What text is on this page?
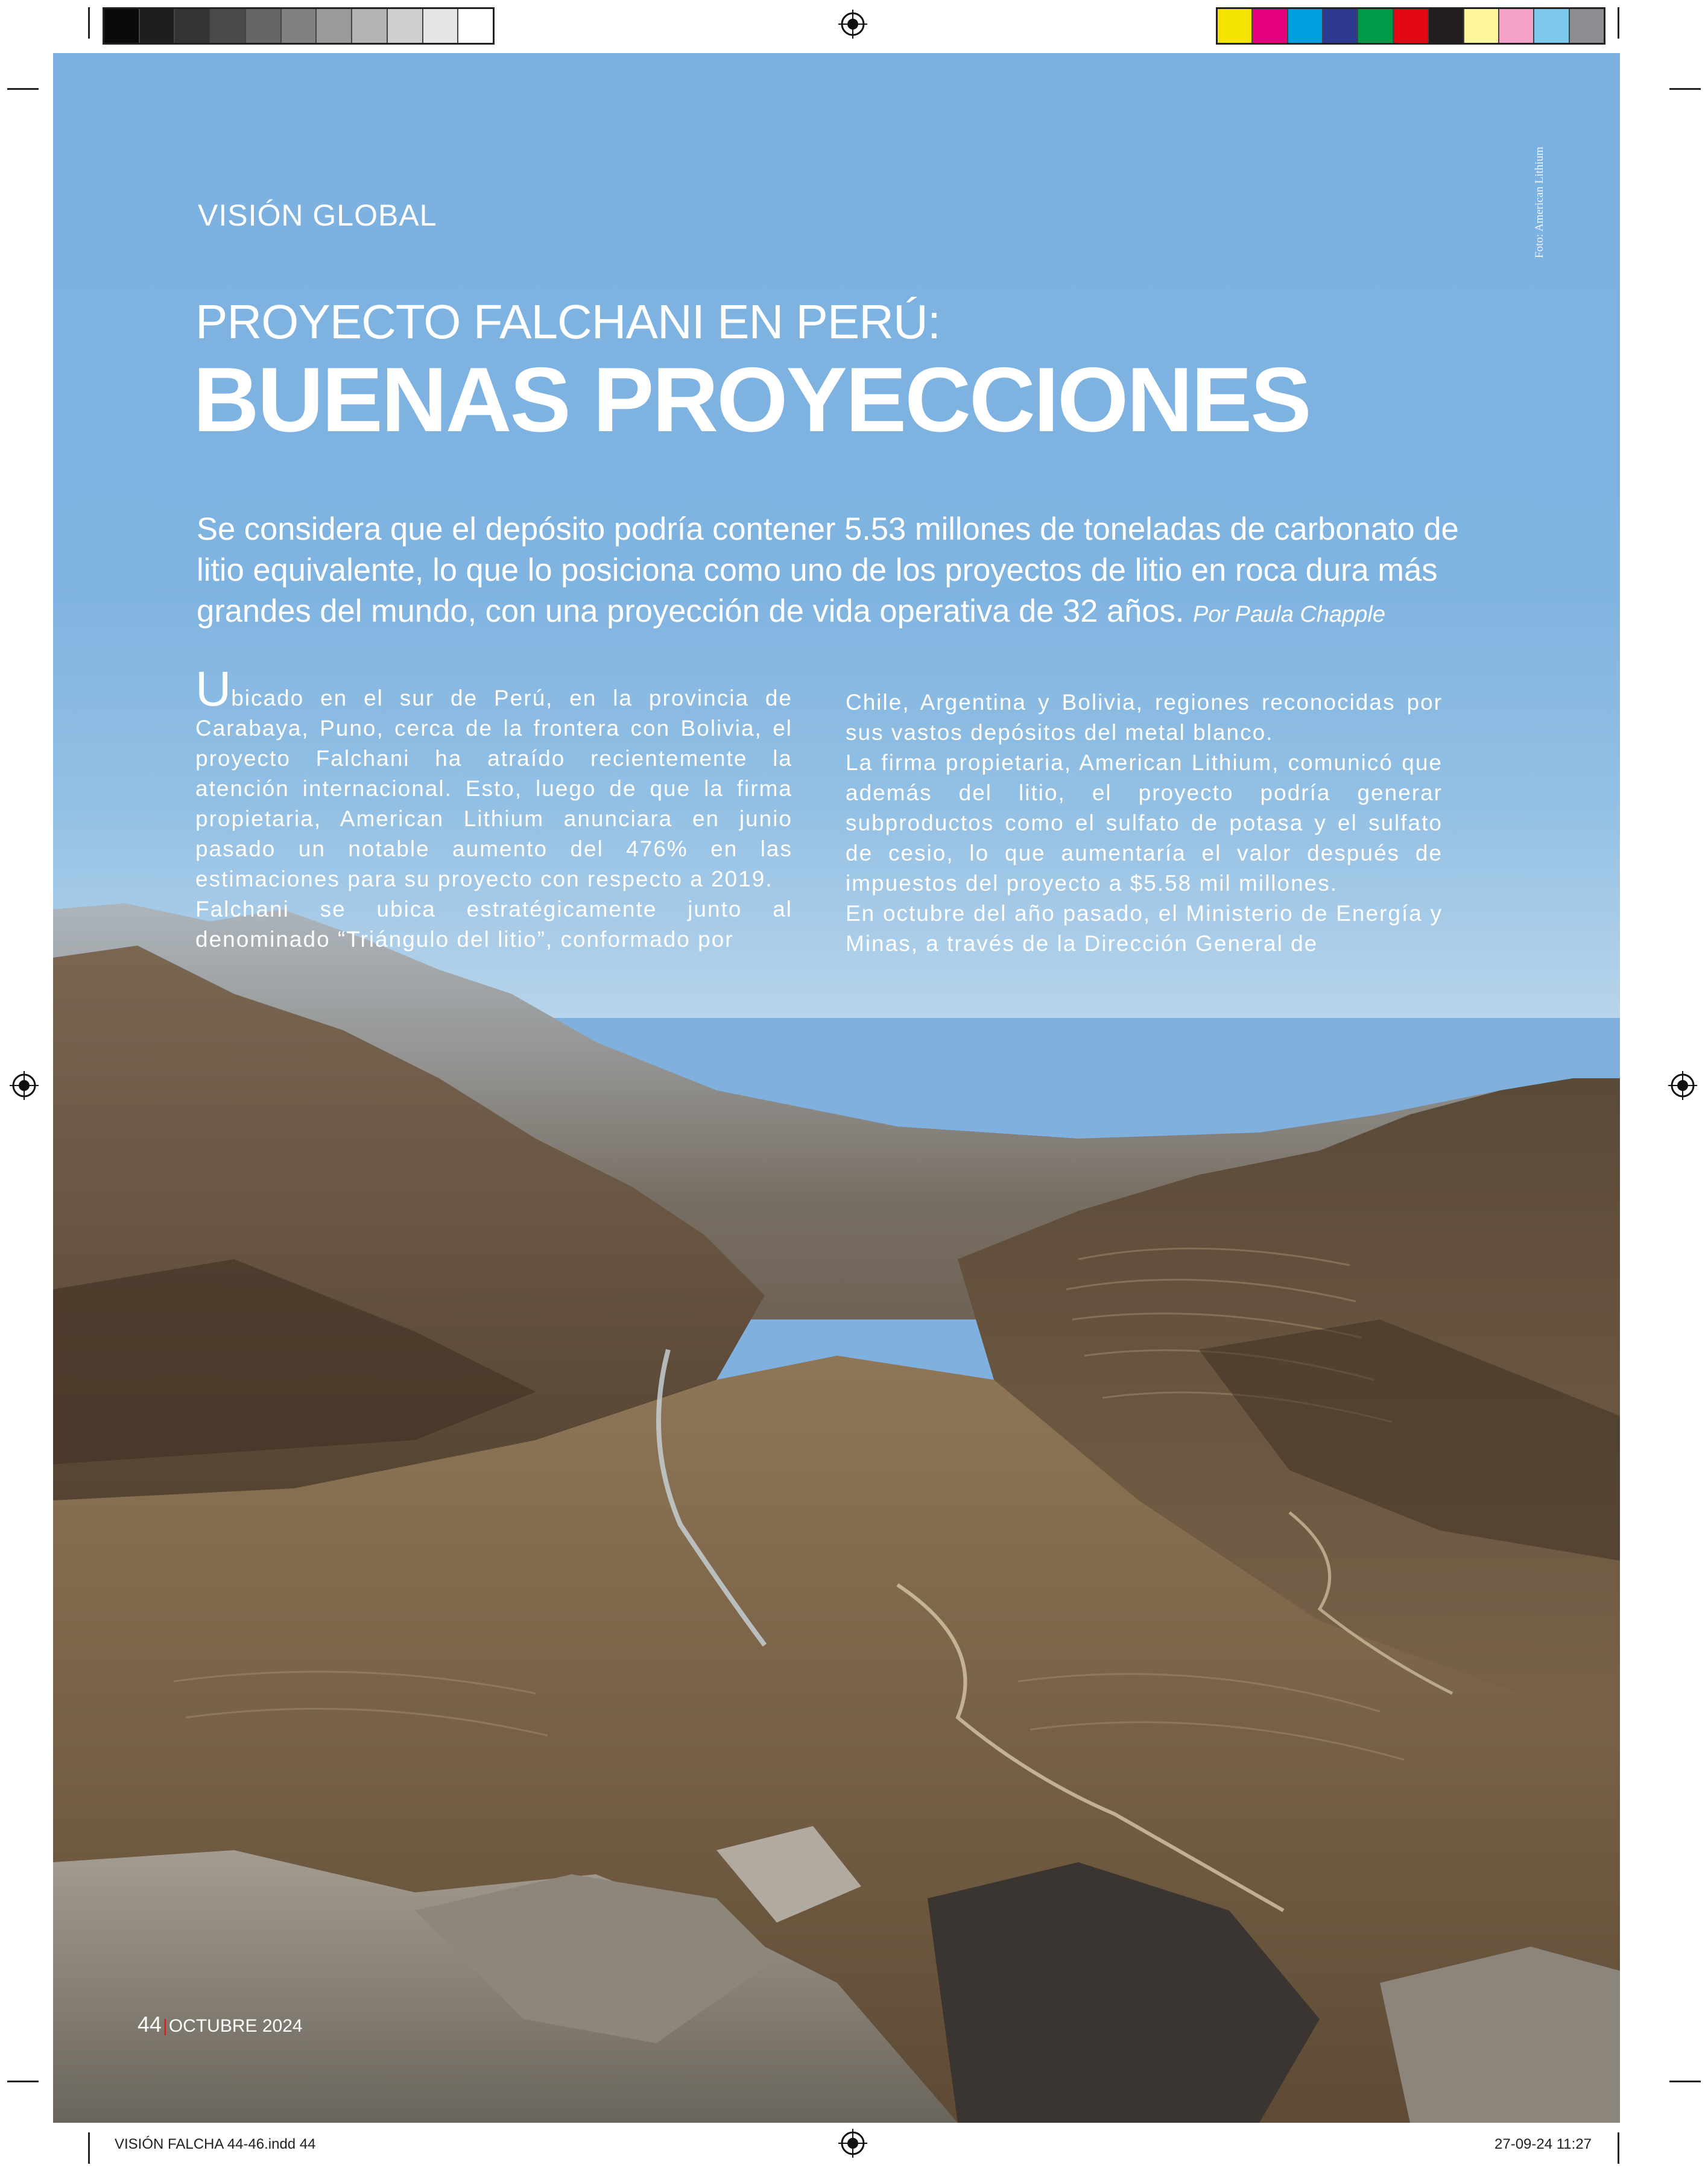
VISIÓN GLOBAL
PROYECTO FALCHANI EN PERÚ:
BUENAS PROYECCIONES
Se considera que el depósito podría contener 5.53 millones de toneladas de carbonato de litio equivalente, lo que lo posiciona como uno de los proyectos de litio en roca dura más grandes del mundo, con una proyección de vida operativa de 32 años. Por Paula Chapple

Ubicado en el sur de Perú, en la provincia de Carabaya, Puno, cerca de la frontera con Bolivia, el proyecto Falchani ha atraído recientemente la atención internacional. Esto, luego de que la firma propietaria, American Lithium anunciara en junio pasado un notable aumento del 476% en las estimaciones para su proyecto con respecto a 2019.

Falchani se ubica estratégicamente junto al denominado “Triángulo del litio”, conformado por

Chile, Argentina y Bolivia, regiones reconocidas por sus vastos depósitos del metal blanco.

La firma propietaria, American Lithium, comunicó que además del litio, el proyecto podría generar subproductos como el sulfato de potasa y el sulfato de cesio, lo que aumentaría el valor después de impuestos del proyecto a $5.58 mil millones.

En octubre del año pasado, el Ministerio de Energía y Minas, a través de la Dirección General de

Foto: American Lithium
44|OCTUBRE 2024
VISIÓN FALCHA 44-46.indd 44	27-09-24 11:27
